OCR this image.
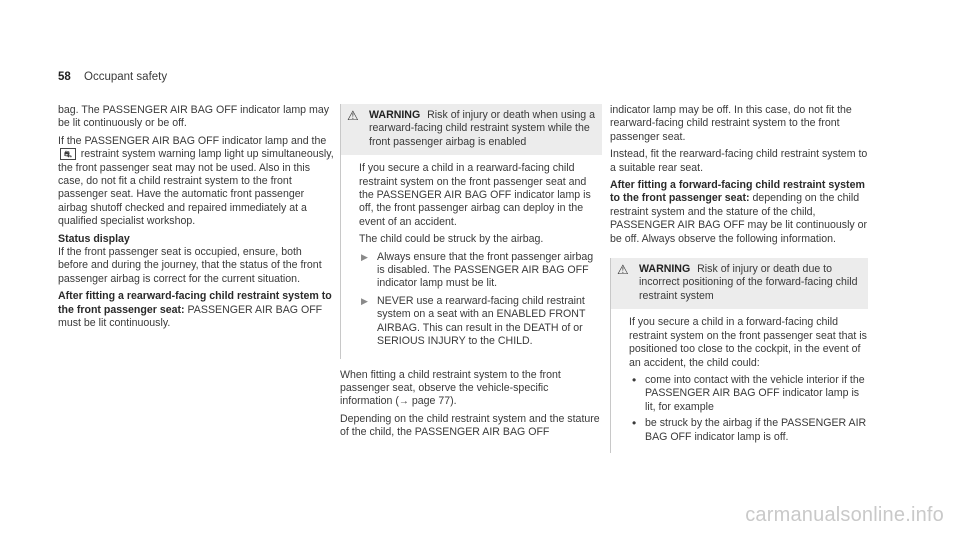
58 Occupant safety

bag. The PASSENGER AIR BAG OFF indicator lamp may be lit continuously or be off.

If the PASSENGER AIR BAG OFF indicator lamp and the ⛐ restraint system warning lamp light up simultaneously, the front passenger seat may not be used. Also in this case, do not fit a child restraint system to the front passenger seat. Have the automatic front passenger airbag shutoff checked and repaired immediately at a qualified specialist workshop.

Status display

If the front passenger seat is occupied, ensure, both before and during the journey, that the status of the front passenger airbag is correct for the current situation.

After fitting a rearward-facing child restraint system to the front passenger seat: PASSENGER AIR BAG OFF must be lit continuously.

⚠ WARNING Risk of injury or death when using a rearward-facing child restraint system while the front passenger airbag is enabled

If you secure a child in a rearward-facing child restraint system on the front passenger seat and the PASSENGER AIR BAG OFF indicator lamp is off, the front passenger airbag can deploy in the event of an accident.

The child could be struck by the airbag.

▶ Always ensure that the front passenger airbag is disabled. The PASSENGER AIR BAG OFF indicator lamp must be lit.
▶ NEVER use a rearward-facing child restraint system on a seat with an ENABLED FRONT AIRBAG. This can result in the DEATH of or SERIOUS INJURY to the CHILD.

When fitting a child restraint system to the front passenger seat, observe the vehicle-specific information (→ page 77).

Depending on the child restraint system and the stature of the child, the PASSENGER AIR BAG OFF

indicator lamp may be off. In this case, do not fit the rearward-facing child restraint system to the front passenger seat.

Instead, fit the rearward-facing child restraint system to a suitable rear seat.

After fitting a forward-facing child restraint system to the front passenger seat: depending on the child restraint system and the stature of the child, PASSENGER AIR BAG OFF may be lit continuously or be off. Always observe the following information.

⚠ WARNING Risk of injury or death due to incorrect positioning of the forward-facing child restraint system

If you secure a child in a forward-facing child restraint system on the front passenger seat that is positioned too close to the cockpit, in the event of an accident, the child could:

• come into contact with the vehicle interior if the PASSENGER AIR BAG OFF indicator lamp is lit, for example
• be struck by the airbag if the PASSENGER AIR BAG OFF indicator lamp is off.
carmanualsonline.info
